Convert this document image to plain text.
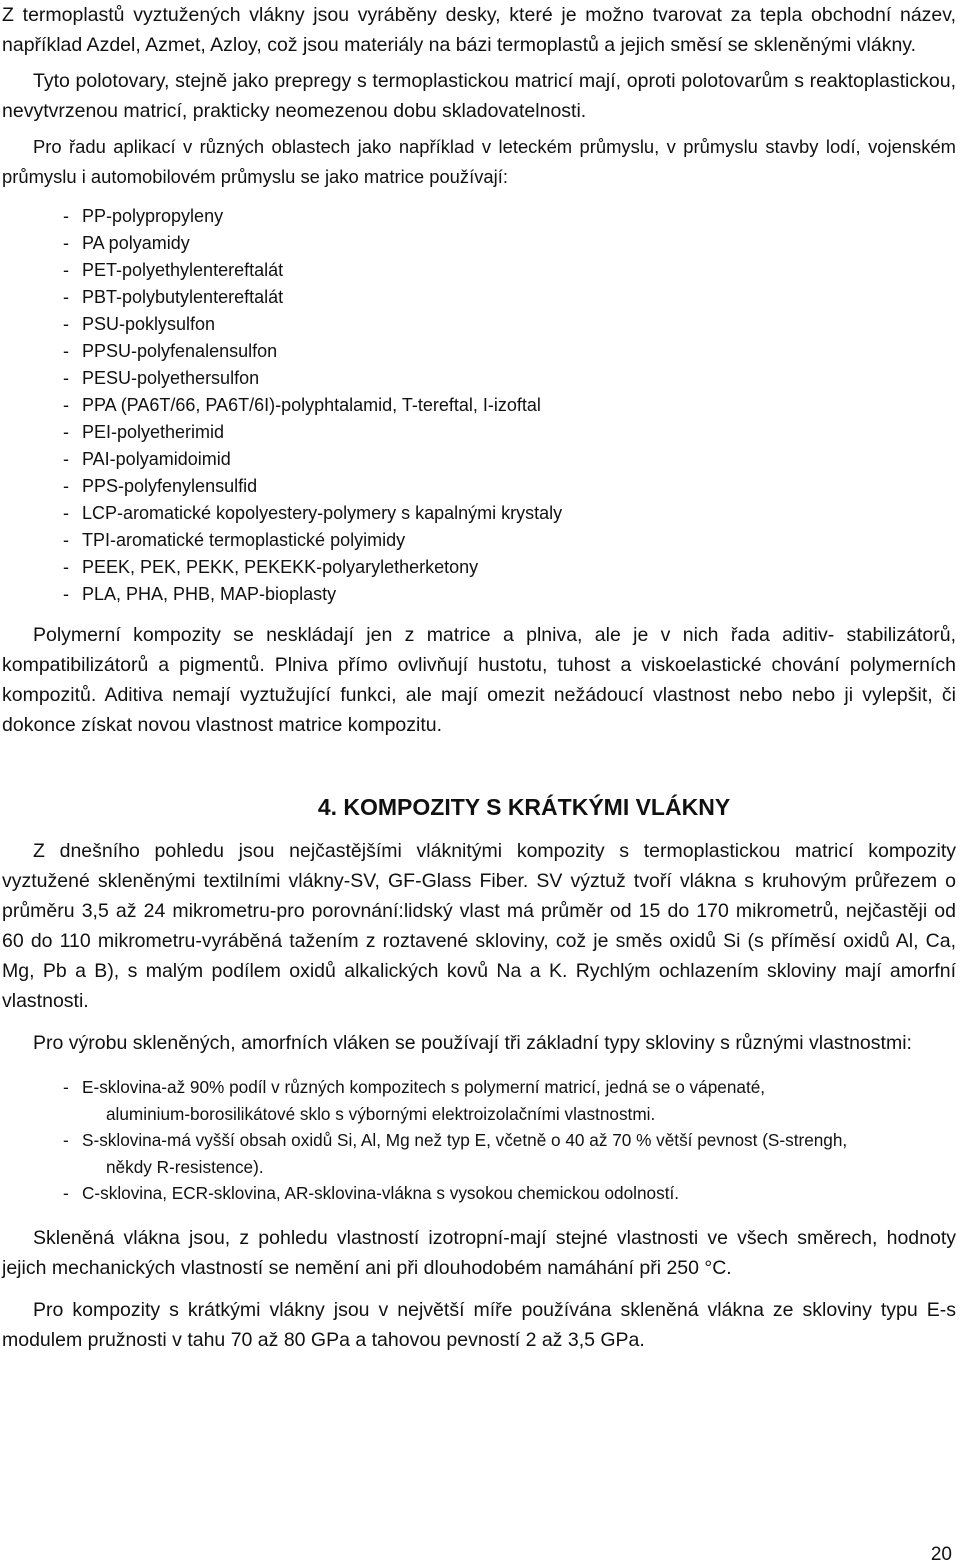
Z termoplastů vyztužených vlákny jsou vyráběny desky, které je možno tvarovat za teplа obchodní název, například Azdel, Azmet, Azloy, což jsou materiály na bázi termoplastů a jejich směsí se skleněnými vlákny.

Tyto polotovary, stejně jako prepregy s termoplastickou matricí mají, oproti polotovarům s reaktoplastickou, nevytvrzenou matricí, prakticky neomezenou dobu skladovatelnosti.

Pro řadu aplikací v různých oblastech jako například v leteckém průmyslu, v průmyslu stavby lodí, vojenském průmyslu i automobilovém průmyslu se jako matrice používají:

- PP-polypropyleny
- PA polyamidy
- PET-polyethylentereftalát
- PBT-polybutylentereftalát
- PSU-poklysulfon
- PPSU-polyfenalensulfon
- PESU-polyethersulfon
- PPA (PA6T/66, PA6T/6I)-polyphtalamid, T-tereftal, I-izoftal
- PEI-polyetherimid
- PAI-polyamidoimid
- PPS-polyfenylensulfid
- LCP-aromatické kopolyestery-polymery s kapalnými krystaly
- TPI-aromatické termoplastické polyimidy
- PEEK, PEK, PEKK, PEKEKK-polyaryletherketony
- PLA, PHA, PHB, MAP-bioplasty

Polymerní kompozity se neskládají jen z matrice a plniva, ale je v nich řada aditiv- stabilizátorů, kompatibilizátorů a pigmentů. Plniva přímo ovlivňují hustotu, tuhost a viskoelastické chování polymerních kompozitů. Aditiva nemají vyztužující funkci, ale mají omezit nežádoucí vlastnost nebo nebo ji vylepšit, či dokonce získat novou vlastnost matrice kompozitu.

4. KOMPOZITY S KRÁTKÝMI VLÁKNY

Z dnešního pohledu jsou nejčastějšími vláknitými kompozity s termoplastickou matricí kompozity vyztužené skleněnými textilními vlákny-SV, GF-Glass Fiber. SV výztuž tvoří vlákna s kruhovým průřezem o průměru 3,5 až 24 mikrometru-pro porovnání:lidský vlast má průměr od 15 do 170 mikrometrů, nejčastěji od 60 do 110 mikrometru-vyráběná tažením z roztavené skloviny, což je směs oxidů Si (s příměsí oxidů Al, Ca, Mg, Pb a B), s malým podílem oxidů alkalických kovů Na a K. Rychlým ochlazením skloviny mají amorfní vlastnosti.

Pro výrobu skleněných, amorfních vláken se používají tři základní typy skloviny s různými vlastnostmi:

- E-sklovina-až 90% podíl v různých kompozitech s polymerní matricí, jedná se o vápenaté,
aluminium-borosilikátové sklo s výbornými elektroizolačními vlastnostmi.
- S-sklovina-má vyšší obsah oxidů Si, Al, Mg než typ E, včetně o 40 až 70 % větší pevnost (S-strengh,
někdy R-resistence).
- C-sklovina, ECR-sklovina, AR-sklovina-vlákna s vysokou chemickou odolností.

Skleněná vlákna jsou, z pohledu vlastností izotropní-mají stejné vlastnosti ve všech směrech, hodnoty jejich mechanických vlastností se nemění ani při dlouhodobém namáhání při 250 °C.

Pro kompozity s krátkými vlákny jsou v největší míře používána skleněná vlákna ze skloviny typu E-s modulem pružnosti v tahu 70 až 80 GPa a tahovou pevností 2 až 3,5 GPa.

20
